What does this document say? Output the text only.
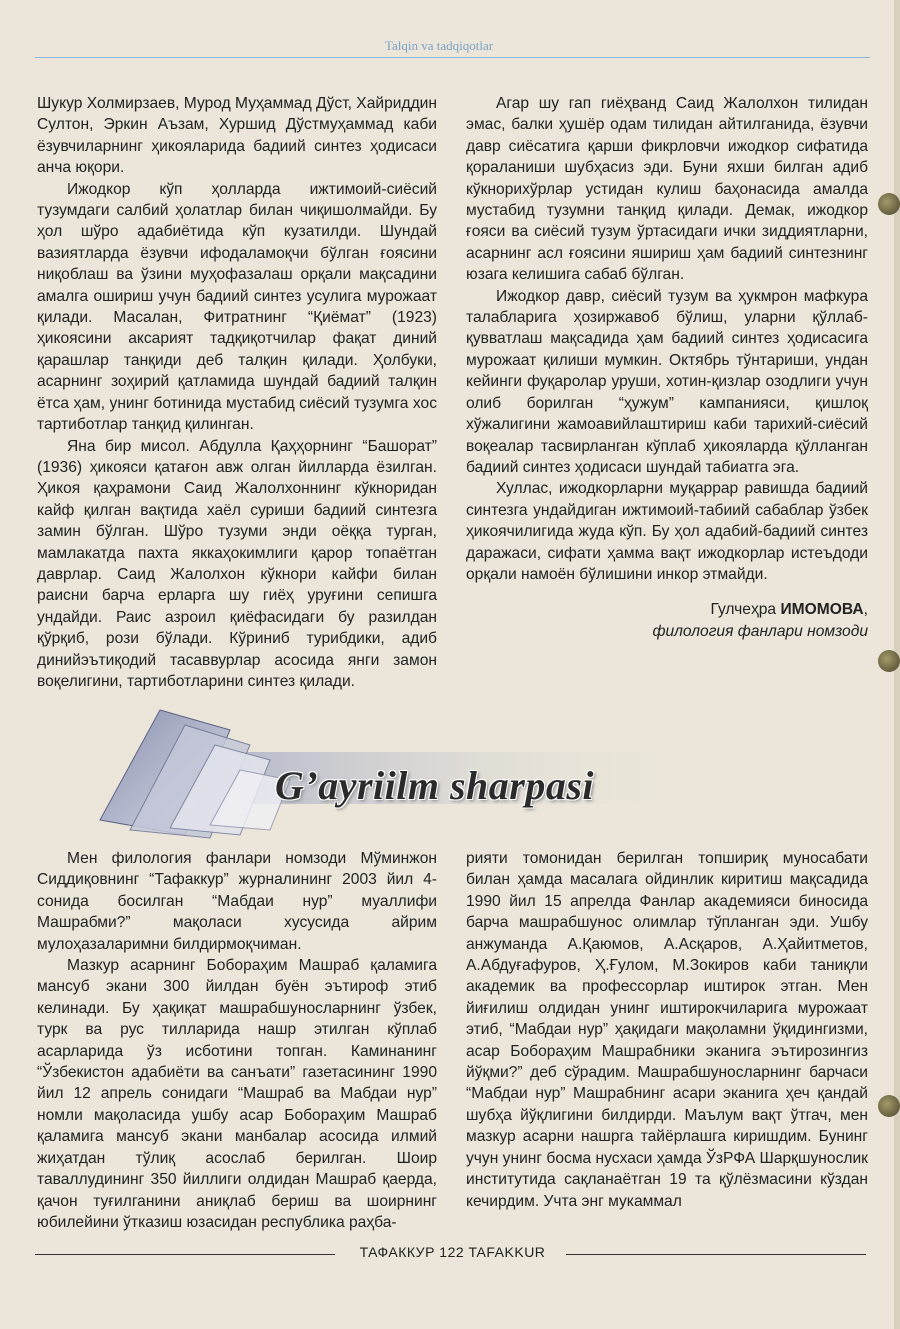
Talqin va tadqiqotlar

Шукур Холмирзаев, Мурод Муҳаммад Дўст, Хайриддин Султон, Эркин Аъзам, Хуршид Дўстмуҳаммад каби ёзувчиларнинг ҳикояларида бадиий синтез ҳодисаси анча юқори.

Ижодкор кўп ҳолларда ижтимоий-сиёсий тузумдаги салбий ҳолатлар билан чиқишолмайди. Бу ҳол шўро адабиётида кўп кузатилди. Шундай вазиятларда ёзувчи ифодаламоқчи бўлган ғоясини ниқоблаш ва ўзини муҳофазалаш орқали мақсадини амалга ошириш учун бадиий синтез усулига мурожаат қилади. Масалан, Фитратнинг “Қиёмат” (1923) ҳикоясини аксарият тадқиқотчилар фақат диний қарашлар танқиди деб талқин қилади. Ҳолбуки, асарнинг зоҳирий қатламида шундай бадиий талқин ётса ҳам, унинг ботинида мустабид сиёсий тузумга хос тартиботлар танқид қилинган.

Яна бир мисол. Абдулла Қаҳҳорнинг “Башорат” (1936) ҳикояси қатағон авж олган йилларда ёзилган. Ҳикоя қаҳрамони Саид Жалолхоннинг кўкноридан кайф қилган вақтида хаёл суриши бадиий синтезга замин бўлган. Шўро тузуми энди оёққа турган, мамлакатда пахта яккаҳокимлиги қарор топаётган даврлар. Саид Жалолхон кўкнори кайфи билан раисни барча ерларга шу гиёҳ уруғини сепишга ундайди. Раис азроил қиёфасидаги бу разилдан қўрқиб, рози бўлади. Кўриниб турибдики, адиб динийэътиқодий тасаввурлар асосида янги замон воқелигини, тартиботларини синтез қилади.

Агар шу гап гиёҳванд Саид Жалолхон тилидан эмас, балки ҳушёр одам тилидан айтилганида, ёзувчи давр сиёсатига қарши фикрловчи ижодкор сифатида қораланиши шубҳасиз эди. Буни яхши билган адиб кўкнорихўрлар устидан кулиш баҳонасида амалда мустабид тузумни танқид қилади. Демак, ижодкор ғояси ва сиёсий тузум ўртасидаги ички зиддиятларни, асарнинг асл ғоясини яшириш ҳам бадиий синтезнинг юзага келишига сабаб бўлган.

Ижодкор давр, сиёсий тузум ва ҳукмрон мафкура талабларига ҳозиржавоб бўлиш, уларни қўллаб-қувватлаш мақсадида ҳам бадиий синтез ҳодисасига мурожаат қилиши мумкин. Октябрь тўнтариши, ундан кейинги фуқаролар уруши, хотин-қизлар озодлиги учун олиб борилган “ҳужум” кампанияси, қишлоқ хўжалигини жамоавийлаштириш каби тарихий-сиёсий воқеалар тасвирланган кўплаб ҳикояларда қўлланган бадиий синтез ҳодисаси шундай табиатга эга.

Хуллас, ижодкорларни муқаррар равишда бадиий синтезга ундайдиган ижтимоий-табиий сабаблар ўзбек ҳикоячилигида жуда кўп. Бу ҳол адабий-бадиий синтез даражаси, сифати ҳамма вақт ижодкорлар истеъдоди орқали намоён бўлишини инкор этмайди.

Гулчеҳра ИМОМОВА,

филология фанлари номзоди

G’ayriilm sharpasi

Мен филология фанлари номзоди Мўминжон Сиддиқовнинг “Тафаккур” журналининг 2003 йил 4-сонида босилган “Мабдаи нур” муаллифи Машрабми?” мақоласи хусусида айрим мулоҳазаларимни билдирмоқчиман.

Мазкур асарнинг Бобораҳим Машраб қаламига мансуб экани 300 йилдан буён эътироф этиб келинади. Бу ҳақиқат машрабшуносларнинг ўзбек, турк ва рус тилларида нашр этилган кўплаб асарларида ўз исботини топган. Каминанинг “Ўзбекистон адабиёти ва санъати” газетасининг 1990 йил 12 апрель сонидаги “Машраб ва Мабдаи нур” номли мақоласида ушбу асар Бобораҳим Машраб қаламига мансуб экани манбалар асосида илмий жиҳатдан тўлиқ асослаб берилган. Шоир таваллудининг 350 йиллиги олдидан Машраб қаерда, қачон туғилганини аниқлаб бериш ва шоирнинг юбилейини ўтказиш юзасидан республика раҳба-

рияти томонидан берилган топшириқ муносабати билан ҳамда масалага ойдинлик киритиш мақсадида 1990 йил 15 апрелда Фанлар академияси биносида барча машрабшунос олимлар тўпланган эди. Ушбу анжуманда А.Қаюмов, А.Асқаров, А.Ҳайитметов, А.Абдуғафуров, Ҳ.Ғулом, М.Зокиров каби таниқли академик ва профессорлар иштирок этган. Мен йиғилиш олдидан унинг иштирокчиларига мурожаат этиб, “Мабдаи нур” ҳақидаги мақоламни ўқидингизми, асар Бобораҳим Машрабники эканига эътирозингиз йўқми?” деб сўрадим. Машрабшуносларнинг барчаси “Мабдаи нур” Машрабнинг асари эканига ҳеч қандай шубҳа йўқлигини билдирди. Маълум вақт ўтгач, мен мазкур асарни нашрга тайёрлашга киришдим. Бунинг учун унинг босма нусхаси ҳамда ЎзРФА Шарқшунослик институтида сақланаётган 19 та қўлёзмасини кўздан кечирдим. Учта энг мукаммал

ТАФАККУР 122 TAFAKKUR
